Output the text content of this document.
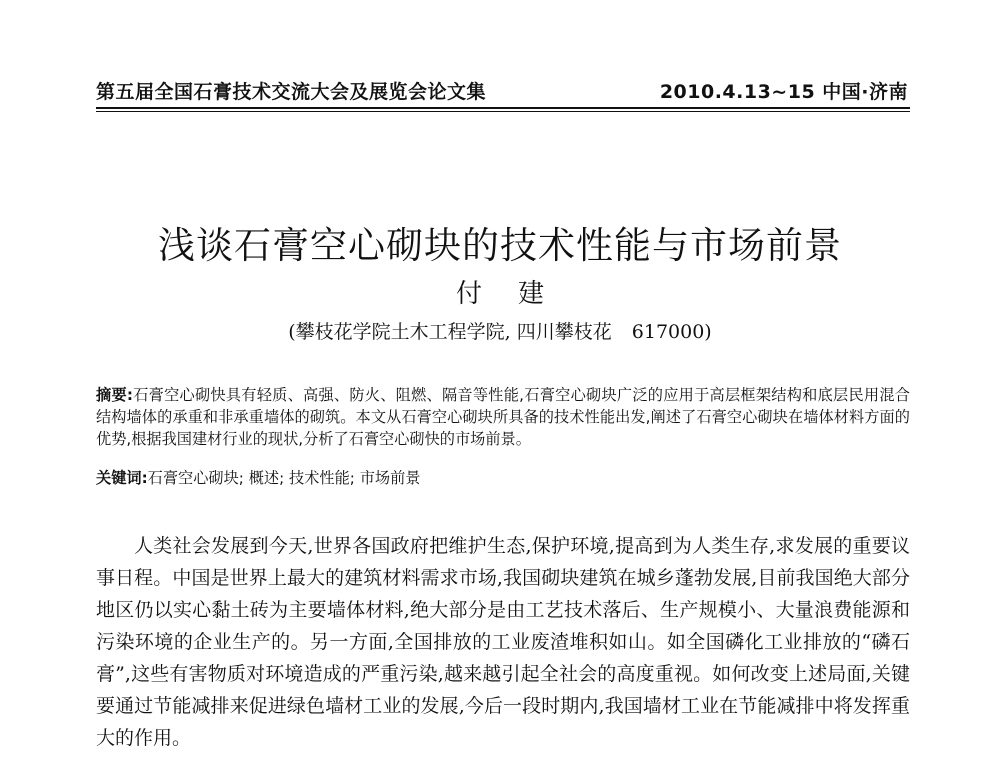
第五届全国石膏技术交流大会及展览会论文集	2010.4.13~15 中国·济南
浅谈石膏空心砌块的技术性能与市场前景
付建
(攀枝花学院土木工程学院, 四川攀枝花 617000)
摘要:石膏空心砌快具有轻质、高强、防火、阻燃、隔音等性能,石膏空心砌块广泛的应用于高层框架结构和底层民用混合结构墙体的承重和非承重墙体的砌筑。本文从石膏空心砌块所具备的技术性能出发,阐述了石膏空心砌块在墙体材料方面的优势,根据我国建材行业的现状,分析了石膏空心砌快的市场前景。
关键词:石膏空心砌块; 概述; 技术性能; 市场前景

人类社会发展到今天,世界各国政府把维护生态,保护环境,提高到为人类生存,求发展的重要议事日程。中国是世界上最大的建筑材料需求市场,我国砌块建筑在城乡蓬勃发展,目前我国绝大部分地区仍以实心黏土砖为主要墙体材料,绝大部分是由工艺技术落后、生产规模小、大量浪费能源和污染环境的企业生产的。另一方面,全国排放的工业废渣堆积如山。如全国磷化工业排放的“磷石膏”,这些有害物质对环境造成的严重污染,越来越引起全社会的高度重视。如何改变上述局面,关键要通过节能减排来促进绿色墙材工业的发展,今后一段时期内,我国墙材工业在节能减排中将发挥重大的作用。
